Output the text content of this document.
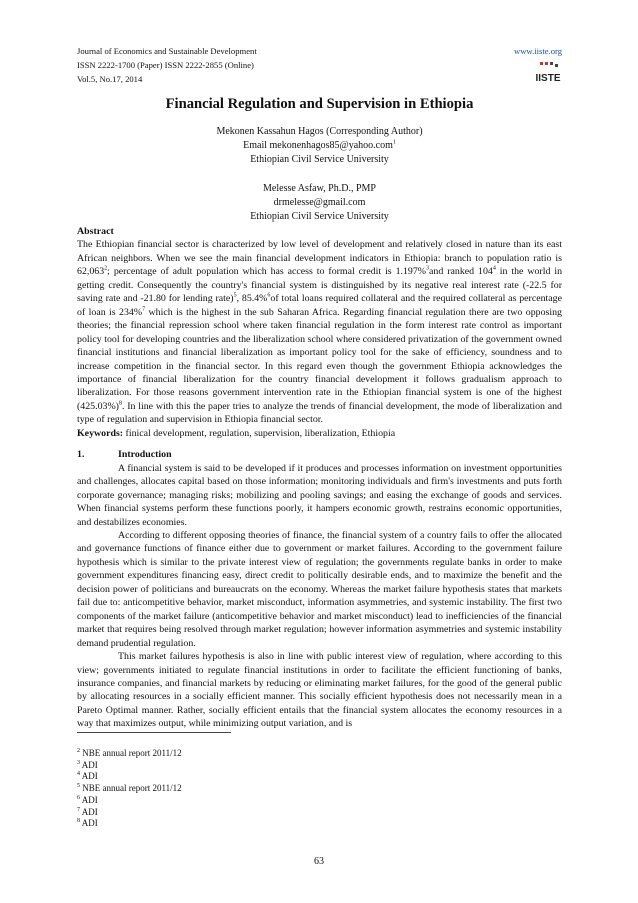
Journal of Economics and Sustainable Development	www.iiste.org
ISSN 2222-1700 (Paper) ISSN 2222-2855 (Online)
Vol.5, No.17, 2014	IISTE
Financial Regulation and Supervision in Ethiopia
Mekonen Kassahun Hagos (Corresponding Author)
Email mekonenhagos85@yahoo.com$^1$
Ethiopian Civil Service University
Melesse Asfaw, Ph.D., PMP
drmelesse@gmail.com
Ethiopian Civil Service University

Abstract

The Ethiopian financial sector is characterized by low level of development and relatively closed in nature than its east African neighbors. When we see the main financial development indicators in Ethiopia: branch to population ratio is 62,063$^2$; percentage of adult population which has access to formal credit is 1.197%$^3$and ranked $104^4$ in the world in getting credit. Consequently the country's financial system is distinguished by its negative real interest rate (-22.5 for saving rate and -21.80 for lending rate)$^5$, 85.4%$^6$of total loans required collateral and the required collateral as percentage of loan is 234%$^7$ which is the highest in the sub Saharan Africa. Regarding financial regulation there are two opposing theories; the financial repression school where taken financial regulation in the form interest rate control as important policy tool for developing countries and the liberalization school where considered privatization of the government owned financial institutions and financial liberalization as important policy tool for the sake of efficiency, soundness and to increase competition in the financial sector. In this regard even though the government Ethiopia acknowledges the importance of financial liberalization for the country financial development it follows gradualism approach to liberalization. For those reasons government intervention rate in the Ethiopian financial system is one of the highest $(425.03\%)^8$. In line with this the paper tries to analyze the trends of financial development, the mode of liberalization and type of regulation and supervision in Ethiopia financial sector.

Keywords: finical development, regulation, supervision, liberalization, Ethiopia

1.	Introduction

A financial system is said to be developed if it produces and processes information on investment opportunities and challenges, allocates capital based on those information; monitoring individuals and firm's investments and puts forth corporate governance; managing risks; mobilizing and pooling savings; and easing the exchange of goods and services. When financial systems perform these functions poorly, it hampers economic growth, restrains economic opportunities, and destabilizes economies.

According to different opposing theories of finance, the financial system of a country fails to offer the allocated and governance functions of finance either due to government or market failures. According to the government failure hypothesis which is similar to the private interest view of regulation; the governments regulate banks in order to make government expenditures financing easy, direct credit to politically desirable ends, and to maximize the benefit and the decision power of politicians and bureaucrats on the economy. Whereas the market failure hypothesis states that markets fail due to: anticompetitive behavior, market misconduct, information asymmetries, and systemic instability. The first two components of the market failure (anticompetitive behavior and market misconduct) lead to inefficiencies of the financial market that requires being resolved through market regulation; however information asymmetries and systemic instability demand prudential regulation.

This market failures hypothesis is also in line with public interest view of regulation, where according to this view; governments initiated to regulate financial institutions in order to facilitate the efficient functioning of banks, insurance companies, and financial markets by reducing or eliminating market failures, for the good of the general public by allocating resources in a socially efficient manner. This socially efficient hypothesis does not necessarily mean in a Pareto Optimal manner. Rather, socially efficient entails that the financial system allocates the economy resources in a way that maximizes output, while minimizing output variation, and is

$^2$ NBE annual report 2011/12
$^3$ ADI
$^4$ ADI
$^5$ NBE annual report 2011/12
$^6$ ADI
$^7$ ADI
$^8$ ADI
63
